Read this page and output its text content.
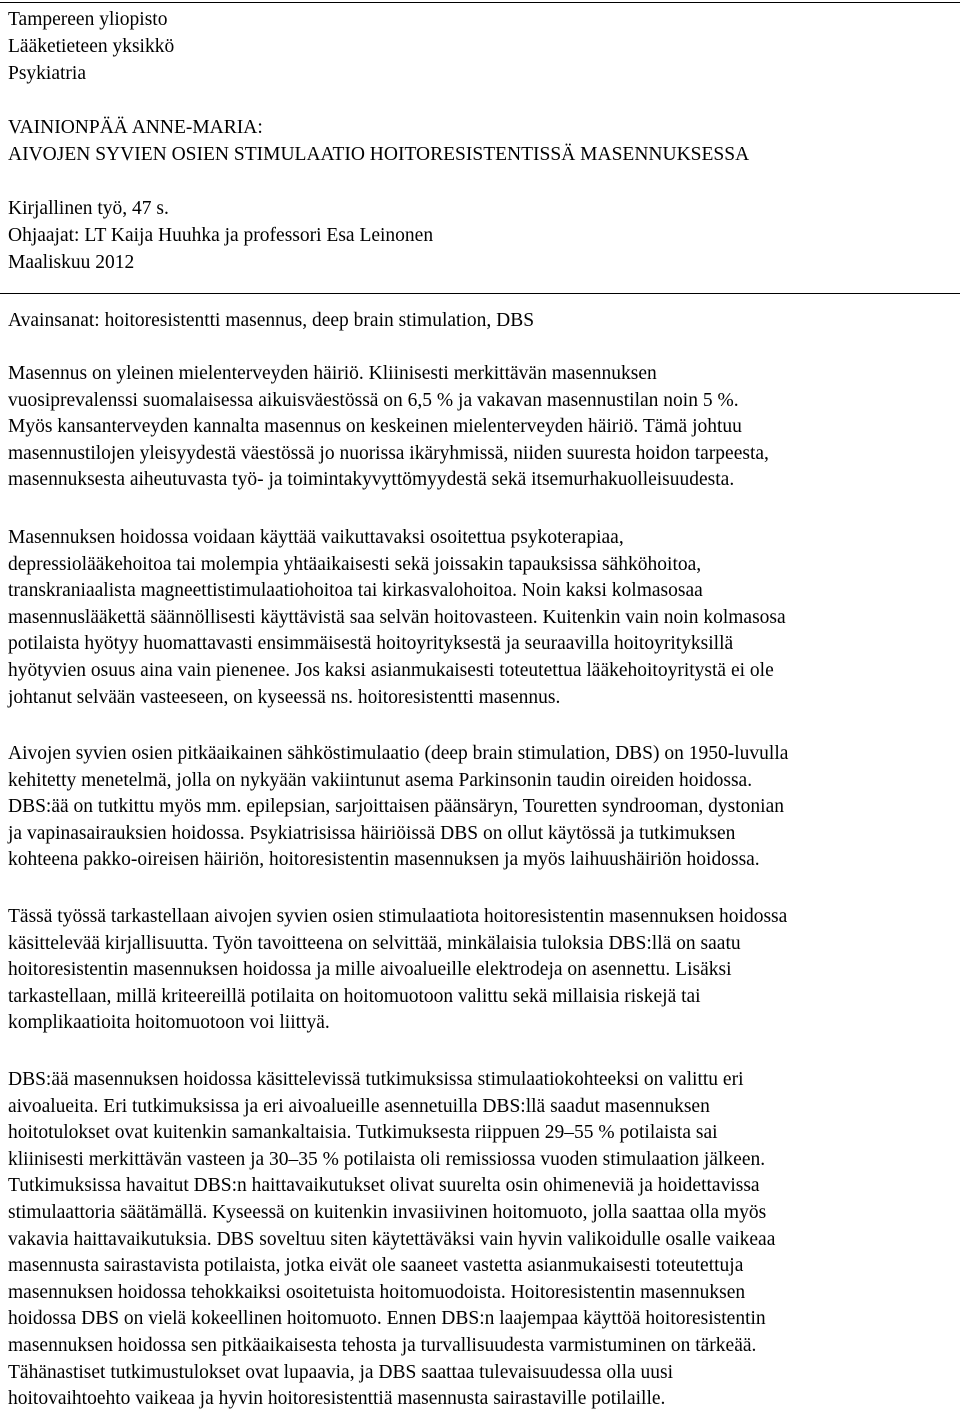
Tampereen yliopisto

Lääketieteen yksikkö

Psykiatria

VAINIONPÄÄ ANNE-MARIA:

AIVOJEN SYVIEN OSIEN STIMULAATIO HOITORESISTENTISSÄ MASENNUKSESSA

Kirjallinen työ, 47 s.

Ohjaajat: LT Kaija Huuhka ja professori Esa Leinonen

Maaliskuu 2012

Avainsanat: hoitoresistentti masennus, deep brain stimulation, DBS

Masennus on yleinen mielenterveyden häiriö. Kliinisesti merkittävän masennuksen
vuosiprevalenssi suomalaisessa aikuisväestössä on 6,5 % ja vakavan masennustilan noin 5 %.
Myös kansanterveyden kannalta masennus on keskeinen mielenterveyden häiriö. Tämä johtuu
masennustilojen yleisyydestä väestössä jo nuorissa ikäryhmissä, niiden suuresta hoidon tarpeesta,
masennuksesta aiheutuvasta työ- ja toimintakyvyttömyydestä sekä itsemurhakuolleisuudesta.
Masennuksen hoidossa voidaan käyttää vaikuttavaksi osoitettua psykoterapiaa,
depressiolääkehoitoa tai molempia yhtäaikaisesti sekä joissakin tapauksissa sähköhoitoa,
transkraniaalista magneettistimulaatiohoitoa tai kirkasvalohoitoa. Noin kaksi kolmasosaa
masennuslääkettä säännöllisesti käyttävistä saa selvän hoitovasteen. Kuitenkin vain noin kolmasosa
potilaista hyötyy huomattavasti ensimmäisestä hoitoyrityksestä ja seuraavilla hoitoyrityksillä
hyötyvien osuus aina vain pienenee. Jos kaksi asianmukaisesti toteutettua lääkehoitoyritystä ei ole
johtanut selvään vasteeseen, on kyseessä ns. hoitoresistentti masennus.
Aivojen syvien osien pitkäaikainen sähköstimulaatio (deep brain stimulation, DBS) on 1950-luvulla
kehitetty menetelmä, jolla on nykyään vakiintunut asema Parkinsonin taudin oireiden hoidossa.
DBS:ää on tutkittu myös mm. epilepsian, sarjoittaisen päänsäryn, Touretten syndrooman, dystonian
ja vapinasairauksien hoidossa. Psykiatrisissa häiriöissä DBS on ollut käytössä ja tutkimuksen
kohteena pakko-oireisen häiriön, hoitoresistentin masennuksen ja myös laihuushäiriön hoidossa.
Tässä työssä tarkastellaan aivojen syvien osien stimulaatiota hoitoresistentin masennuksen hoidossa
käsittelevää kirjallisuutta. Työn tavoitteena on selvittää, minkälaisia tuloksia DBS:llä on saatu
hoitoresistentin masennuksen hoidossa ja mille aivoalueille elektrodeja on asennettu. Lisäksi
tarkastellaan, millä kriteereillä potilaita on hoitomuotoon valittu sekä millaisia riskejä tai
komplikaatioita hoitomuotoon voi liittyä.
DBS:ää masennuksen hoidossa käsittelevissä tutkimuksissa stimulaatiokohteeksi on valittu eri
aivoalueita. Eri tutkimuksissa ja eri aivoalueille asennetuilla DBS:llä saadut masennuksen
hoitotulokset ovat kuitenkin samankaltaisia. Tutkimuksesta riippuen 29–55 % potilaista sai
kliinisesti merkittävän vasteen ja 30–35 % potilaista oli remissiossa vuoden stimulaation jälkeen.
Tutkimuksissa havaitut DBS:n haittavaikutukset olivat suurelta osin ohimeneviä ja hoidettavissa
stimulaattoria säätämällä. Kyseessä on kuitenkin invasiivinen hoitomuoto, jolla saattaa olla myös
vakavia haittavaikutuksia. DBS soveltuu siten käytettäväksi vain hyvin valikoidulle osalle vaikeaa
masennusta sairastavista potilaista, jotka eivät ole saaneet vastetta asianmukaisesti toteutettuja
masennuksen hoidossa tehokkaiksi osoitetuista hoitomuodoista. Hoitoresistentin masennuksen
hoidossa DBS on vielä kokeellinen hoitomuoto. Ennen DBS:n laajempaa käyttöä hoitoresistentin
masennuksen hoidossa sen pitkäaikaisesta tehosta ja turvallisuudesta varmistuminen on tärkeää.
Tähänastiset tutkimustulokset ovat lupaavia, ja DBS saattaa tulevaisuudessa olla uusi
hoitovaihtoehto vaikeaa ja hyvin hoitoresistenttiä masennusta sairastaville potilaille.
